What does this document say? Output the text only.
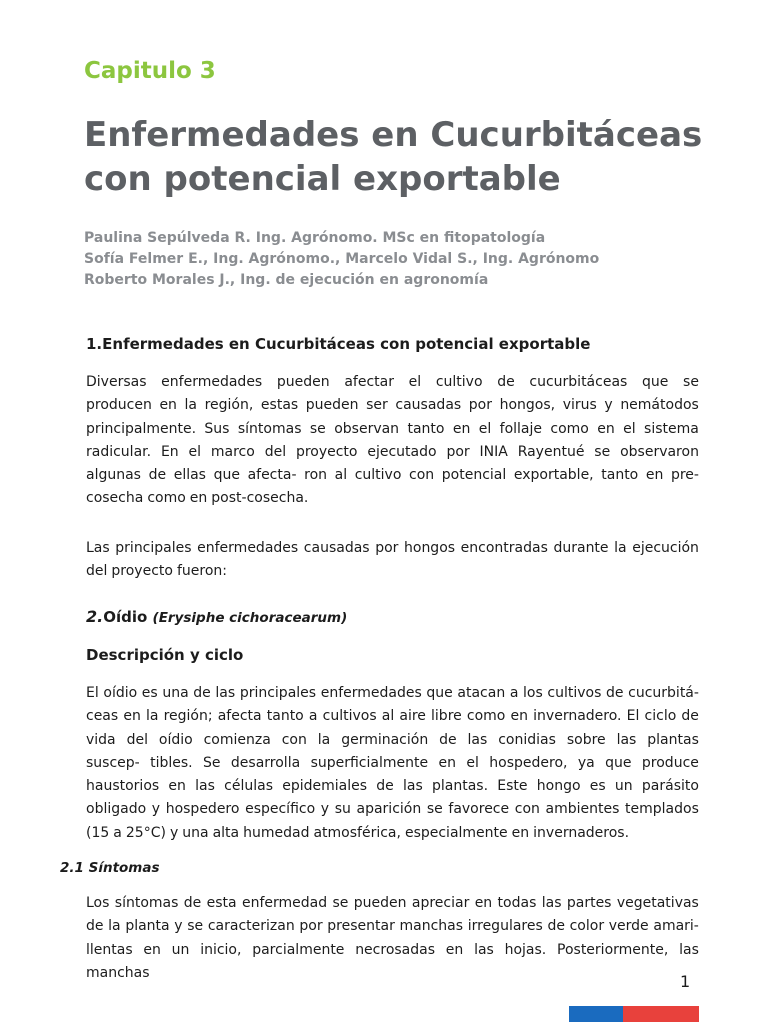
Capitulo 3
Enfermedades en Cucurbitáceas
con potencial exportable
Paulina Sepúlveda R. Ing. Agrónomo. MSc en fitopatología
Sofía Felmer E., Ing. Agrónomo., Marcelo Vidal S., Ing. Agrónomo
Roberto Morales J., Ing. de ejecución en agronomía
1.Enfermedades en Cucurbitáceas con potencial exportable
Diversas enfermedades pueden afectar el cultivo de cucurbitáceas que se
producen en la región, estas pueden ser causadas por hongos, virus y nemátodos
principalmente. Sus síntomas se observan tanto en el follaje como en el sistema
radicular. En el marco del proyecto ejecutado por INIA Rayentué se observaron
algunas de ellas que afecta- ron al cultivo con potencial exportable, tanto en pre-
cosecha como en post-cosecha.
Las principales enfermedades causadas por hongos encontradas durante la ejecución
del proyecto fueron:
2.Oídio (Erysiphe cichoracearum)
Descripción y ciclo
El oídio es una de las principales enfermedades que atacan a los cultivos de cucurbitá-
ceas en la región; afecta tanto a cultivos al aire libre como en invernadero. El ciclo de
vida del oídio comienza con la germinación de las conidias sobre las plantas
suscep- tibles. Se desarrolla superficialmente en el hospedero, ya que produce
haustorios en las células epidemiales de las plantas. Este hongo es un parásito
obligado y hospedero específico y su aparición se favorece con ambientes templados
(15 a 25°C) y una alta humedad atmosférica, especialmente en invernaderos.
2.1 Síntomas
Los síntomas de esta enfermedad se pueden apreciar en todas las partes vegetativas
de la planta y se caracterizan por presentar manchas irregulares de color verde amari-
llentas en un inicio, parcialmente necrosadas en las hojas. Posteriormente, las
manchas	1
